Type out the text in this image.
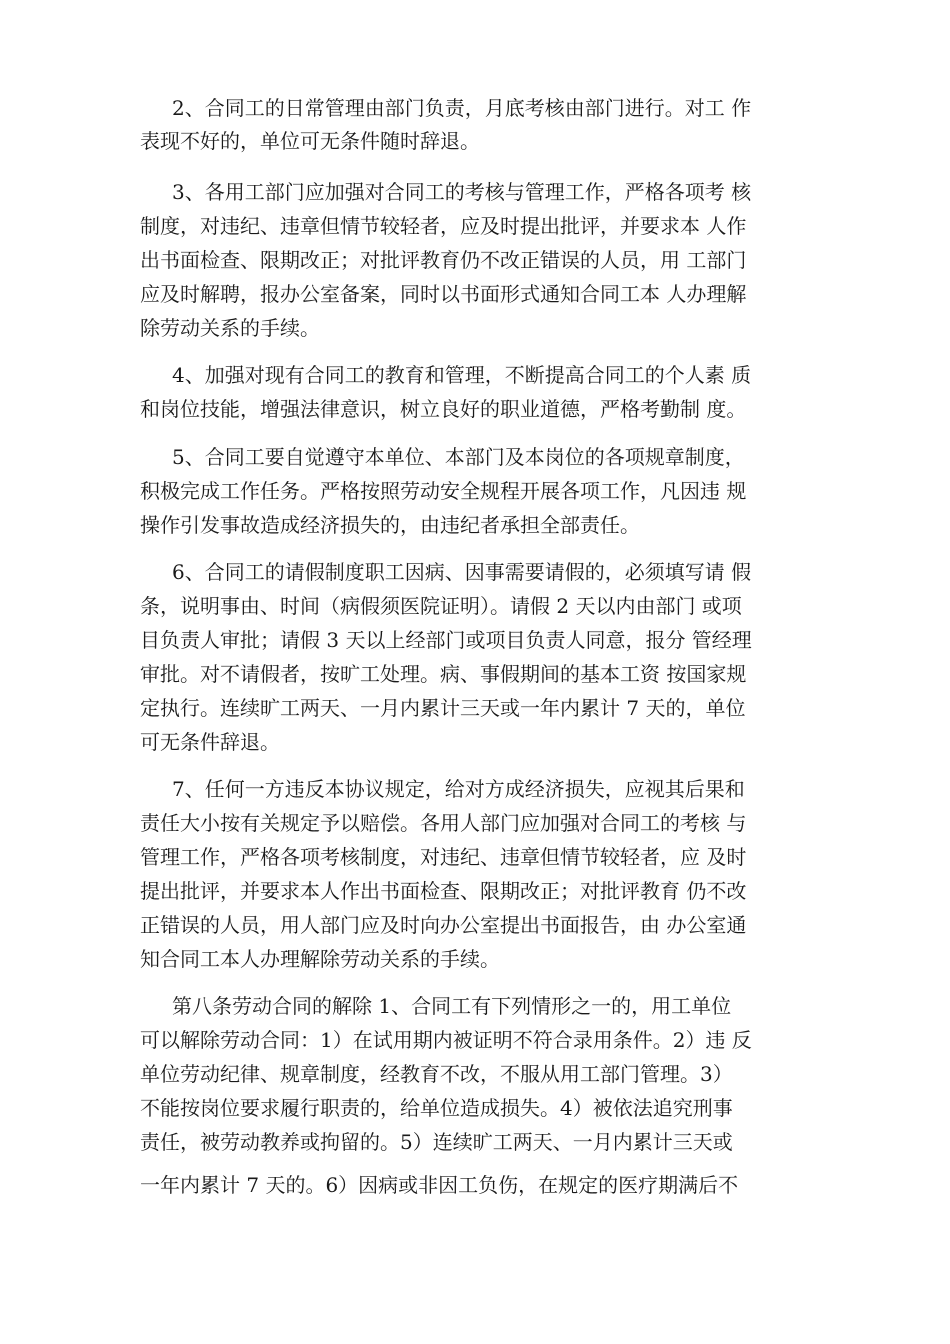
2、合同工的日常管理由部门负责，月底考核由部门进行。对工 作

表现不好的，单位可无条件随时辞退。

3、各用工部门应加强对合同工的考核与管理工作，严格各项考 核

制度，对违纪、违章但情节较轻者，应及时提出批评，并要求本 人作

出书面检查、限期改正；对批评教育仍不改正错误的人员，用 工部门

应及时解聘，报办公室备案，同时以书面形式通知合同工本 人办理解

除劳动关系的手续。

4、加强对现有合同工的教育和管理，不断提高合同工的个人素 质

和岗位技能，增强法律意识，树立良好的职业道德，严格考勤制 度。

5、合同工要自觉遵守本单位、本部门及本岗位的各项规章制度，

积极完成工作任务。严格按照劳动安全规程开展各项工作，凡因违 规

操作引发事故造成经济损失的，由违纪者承担全部责任。

6、合同工的请假制度职工因病、因事需要请假的，必须填写请 假

条，说明事由、时间（病假须医院证明）。请假 2 天以内由部门 或项

目负责人审批；请假 3 天以上经部门或项目负责人同意，报分 管经理

审批。对不请假者，按旷工处理。病、事假期间的基本工资 按国家规

定执行。连续旷工两天、一月内累计三天或一年内累计 7 天的，单位

可无条件辞退。

7、任何一方违反本协议规定，给对方成经济损失，应视其后果和

责任大小按有关规定予以赔偿。各用人部门应加强对合同工的考核 与

管理工作，严格各项考核制度，对违纪、违章但情节较轻者，应 及时

提出批评，并要求本人作出书面检查、限期改正；对批评教育 仍不改

正错误的人员，用人部门应及时向办公室提出书面报告，由 办公室通

知合同工本人办理解除劳动关系的手续。

第八条劳动合同的解除 1、合同工有下列情形之一的，用工单位

可以解除劳动合同：1）在试用期内被证明不符合录用条件。2）违 反

单位劳动纪律、规章制度，经教育不改，不服从用工部门管理。3）

不能按岗位要求履行职责的，给单位造成损失。4）被依法追究刑事

责任，被劳动教养或拘留的。5）连续旷工两天、一月内累计三天或

一年内累计 7 天的。6）因病或非因工负伤，在规定的医疗期满后不
